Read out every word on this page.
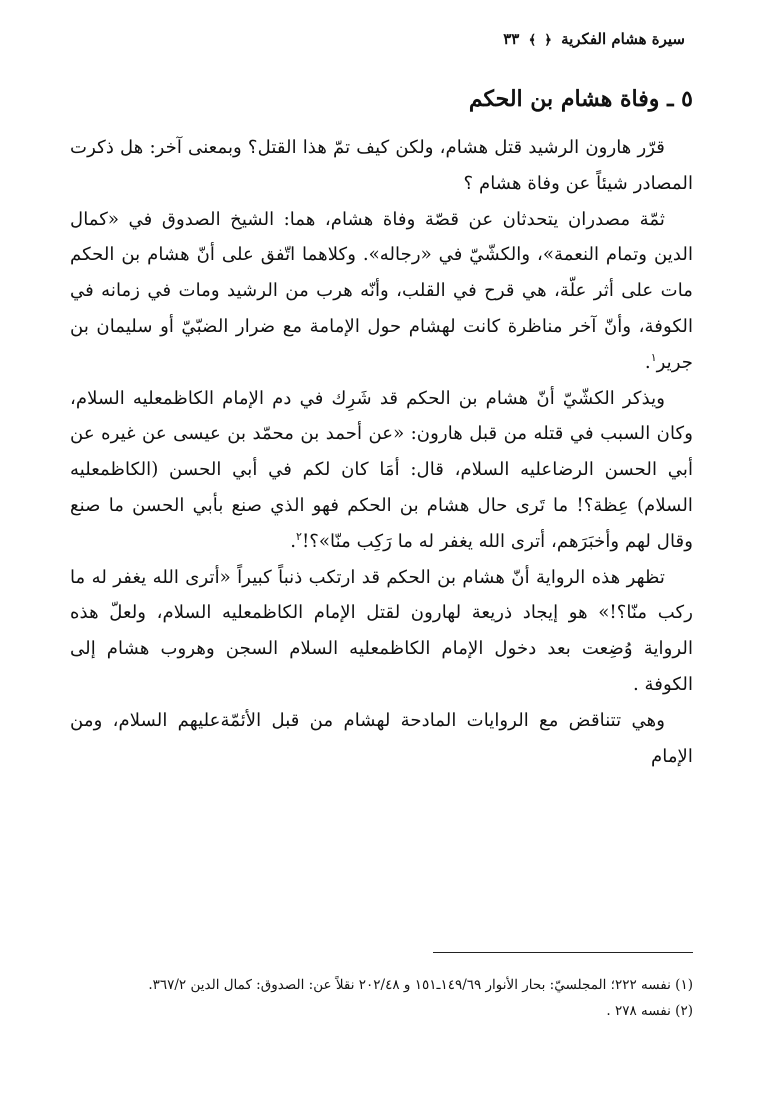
سيرة هشام الفكرية ﴿﴾ ٣٣
٥ ـ وفاة هشام بن الحكم

قرّر هارون الرشيد قتل هشام، ولكن كيف تمّ هذا القتل؟ وبمعنى آخر: هل ذكرت المصادر شيئاً عن وفاة هشام ؟

ثمّة مصدران يتحدثان عن قصّة وفاة هشام، هما: الشيخ الصدوق في «كمال الدين وتمام النعمة»، والكشّيّ في «رجاله». وكلاهما اتّفق على أنّ هشام بن الحكم مات على أثر علّة، هي قرح في القلب، وأنّه هرب من الرشيد ومات في زمانه في الكوفة، وأنّ آخر مناظرة كانت لهشام حول الإمامة مع ضرار الضبّيّ أو سليمان بن جرير$^١$.

ويذكر الكشّيّ أنّ هشام بن الحكم قد شَرِك في دم الإمام الكاظمعليه السلام، وكان السبب في قتله من قبل هارون: «عن أحمد بن محمّد بن عيسى عن غيره عن أبي الحسن الرضاعليه السلام، قال: أمَا كان لكم في أبي الحسن (الكاظمعليه السلام) عِظة؟! ما تَرى حال هشام بن الحكم فهو الذي صنع بأبي الحسن ما صنع وقال لهم وأخبَرَهم، أترى الله يغفر له ما رَكِب منّا»؟!$^٢$.

تظهر هذه الرواية أنّ هشام بن الحكم قد ارتكب ذنباً كبيراً «أترى الله يغفر له ما ركب منّا؟!» هو إيجاد ذريعة لهارون لقتل الإمام الكاظمعليه السلام، ولعلّ هذه الرواية وُضِعت بعد دخول الإمام الكاظمعليه السلام السجن وهروب هشام إلى الكوفة .

وهي تتناقض مع الروايات المادحة لهشام من قبل الأئمّةعليهم السلام، ومن الإمام

(١) نفسه ٢٢٢؛ المجلسيّ: بحار الأنوار ١٤٩/٦٩ـ١٥١ و ٢٠٢/٤٨ نقلاً عن: الصدوق: كمال الدين ٣٦٧/٢.

(٢) نفسه ٢٧٨ .
